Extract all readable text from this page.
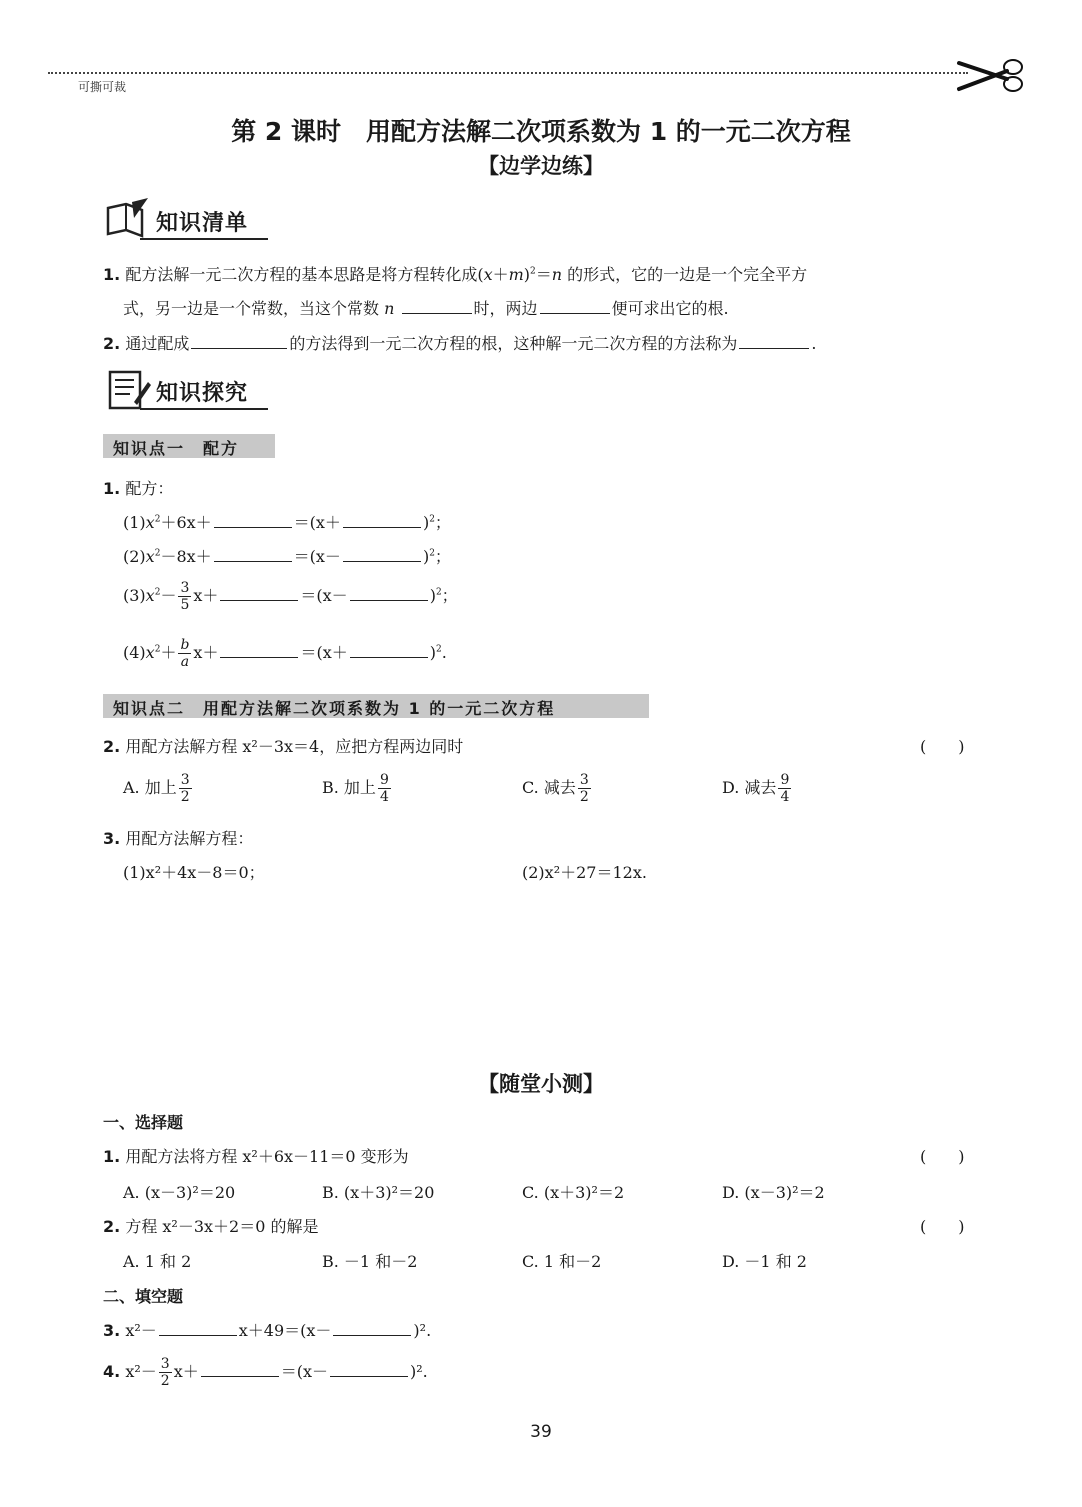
可撕可裁
第 2 课时　用配方法解二次项系数为 1 的一元二次方程
【边学边练】
知识清单
1. 配方法解一元二次方程的基本思路是将方程转化成$(x+m)^2=n$ 的形式，它的一边是一个完全平方
式，另一边是一个常数，当这个常数 n	时，两边	便可求出它的根.
2. 通过配成	的方法得到一元二次方程的根，这种解一元二次方程的方法称为	.
知识探究
知识点一　配方
1. 配方：
$(1)x^2+6x+$	＝(x＋	)$^2$；
$(2)x^2-8x+$	＝(x－	)$^2$；
$(3)x^2- \frac{3}{5} x+$	＝(x－	)$^2$；
$(4)x^2+ \frac{b}{a} x+$	＝(x＋	)$^2$.
知识点二　用配方法解二次项系数为 1 的一元二次方程
2. 用配方法解方程 x²－3x＝4，应把方程两边同时	(　　)
A. 加上 $\frac{3}{2}$	B. 加上 $\frac{9}{4}$	C. 减去 $\frac{3}{2}$	D. 减去 $\frac{9}{4}$
3. 用配方法解方程：
(1)x²＋4x－8＝0；	(2)x²＋27＝12x.
【随堂小测】
一、选择题
1. 用配方法将方程 x²＋6x－11＝0 变形为	(　　)
A. (x－3)²＝20	B. (x＋3)²＝20	C. (x＋3)²＝2	D. (x－3)²＝2
2. 方程 x²－3x＋2＝0 的解是	(　　)
A. 1 和 2	B. －1 和－2	C. 1 和－2	D. －1 和 2
二、填空题
3. x²－	x＋49＝(x－	)².
4. $x^2- \frac{3}{2} x+$	＝(x－	)².
39
